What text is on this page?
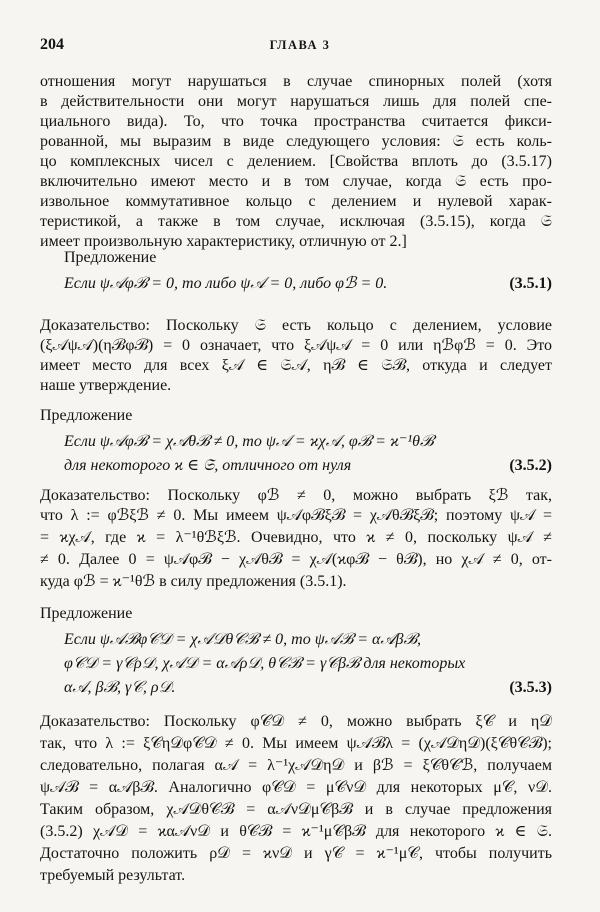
204	ГЛАВА 3
отношения могут нарушаться в случае спинорных полей (хотя
в действительности они могут нарушаться лишь для полей спе-
циального вида). То, что точка пространства считается фикси-
рованной, мы выразим в виде следующего условия: 𝔖 есть коль-
цо комплексных чисел с делением. [Свойства вплоть до (3.5.17)
включительно имеют место и в том случае, когда 𝔖 есть про-
извольное коммутативное кольцо с делением и нулевой харак-
теристикой, а также в том случае, исключая (3.5.15), когда 𝔖
имеет произвольную характеристику, отличную от 2.]
Предложение
Если ψ𝒜φℬ = 0, то либо ψ𝒜 = 0, либо φℬ = 0.	(3.5.1)
Доказательство: Поскольку 𝔖 есть кольцо с делением, условие
(ξ𝒜ψ𝒜)(ηℬφℬ) = 0 означает, что ξ𝒜ψ𝒜 = 0 или ηℬφℬ = 0. Это
имеет место для всех ξ𝒜 ∈ 𝔖𝒜, ηℬ ∈ 𝔖ℬ, откуда и следует
наше утверждение.
Предложение
Если ψ𝒜φℬ = χ𝒜θℬ ≠ 0, то ψ𝒜 = ϰχ𝒜, φℬ = ϰ⁻¹θℬ
для некоторого ϰ ∈ 𝔖, отличного от нуля	(3.5.2)
Доказательство: Поскольку φℬ ≠ 0, можно выбрать ξℬ так,
что λ := φℬξℬ ≠ 0. Мы имеем ψ𝒜φℬξℬ = χ𝒜θℬξℬ; поэтому ψ𝒜 =
= ϰχ𝒜, где ϰ = λ⁻¹θℬξℬ. Очевидно, что ϰ ≠ 0, поскольку ψ𝒜 ≠
≠ 0. Далее 0 = ψ𝒜φℬ − χ𝒜θℬ = χ𝒜(ϰφℬ − θℬ), но χ𝒜 ≠ 0, от-
куда φℬ = ϰ⁻¹θℬ в силу предложения (3.5.1).
Предложение
Если ψ𝒜ℬφ𝒞𝒟 = χ𝒜𝒟θ𝒞ℬ ≠ 0, то ψ𝒜ℬ = α𝒜βℬ,
φ𝒞𝒟 = γ𝒞ρ𝒟, χ𝒜𝒟 = α𝒜ρ𝒟, θ𝒞ℬ = γ𝒞βℬ для некоторых
α𝒜, βℬ, γ𝒞, ρ𝒟.	(3.5.3)
Доказательство: Поскольку φ𝒞𝒟 ≠ 0, можно выбрать ξ𝒞 и η𝒟
так, что λ := ξ𝒞η𝒟φ𝒞𝒟 ≠ 0. Мы имеем ψ𝒜ℬλ = (χ𝒜𝒟η𝒟)(ξ𝒞θ𝒞ℬ);
следовательно, полагая α𝒜 = λ⁻¹χ𝒜𝒟η𝒟 и βℬ = ξ𝒞θ𝒞ℬ, получаем
ψ𝒜ℬ = α𝒜βℬ. Аналогично φ𝒞𝒟 = μ𝒞ν𝒟 для некоторых μ𝒞, ν𝒟.
Таким образом, χ𝒜𝒟θ𝒞ℬ = α𝒜ν𝒟μ𝒞βℬ и в случае предложения
(3.5.2) χ𝒜𝒟 = ϰα𝒜ν𝒟 и θ𝒞ℬ = ϰ⁻¹μ𝒞βℬ для некоторого ϰ ∈ 𝔖.
Достаточно положить ρ𝒟 = ϰν𝒟 и γ𝒞 = ϰ⁻¹μ𝒞, чтобы получить
требуемый результат.
